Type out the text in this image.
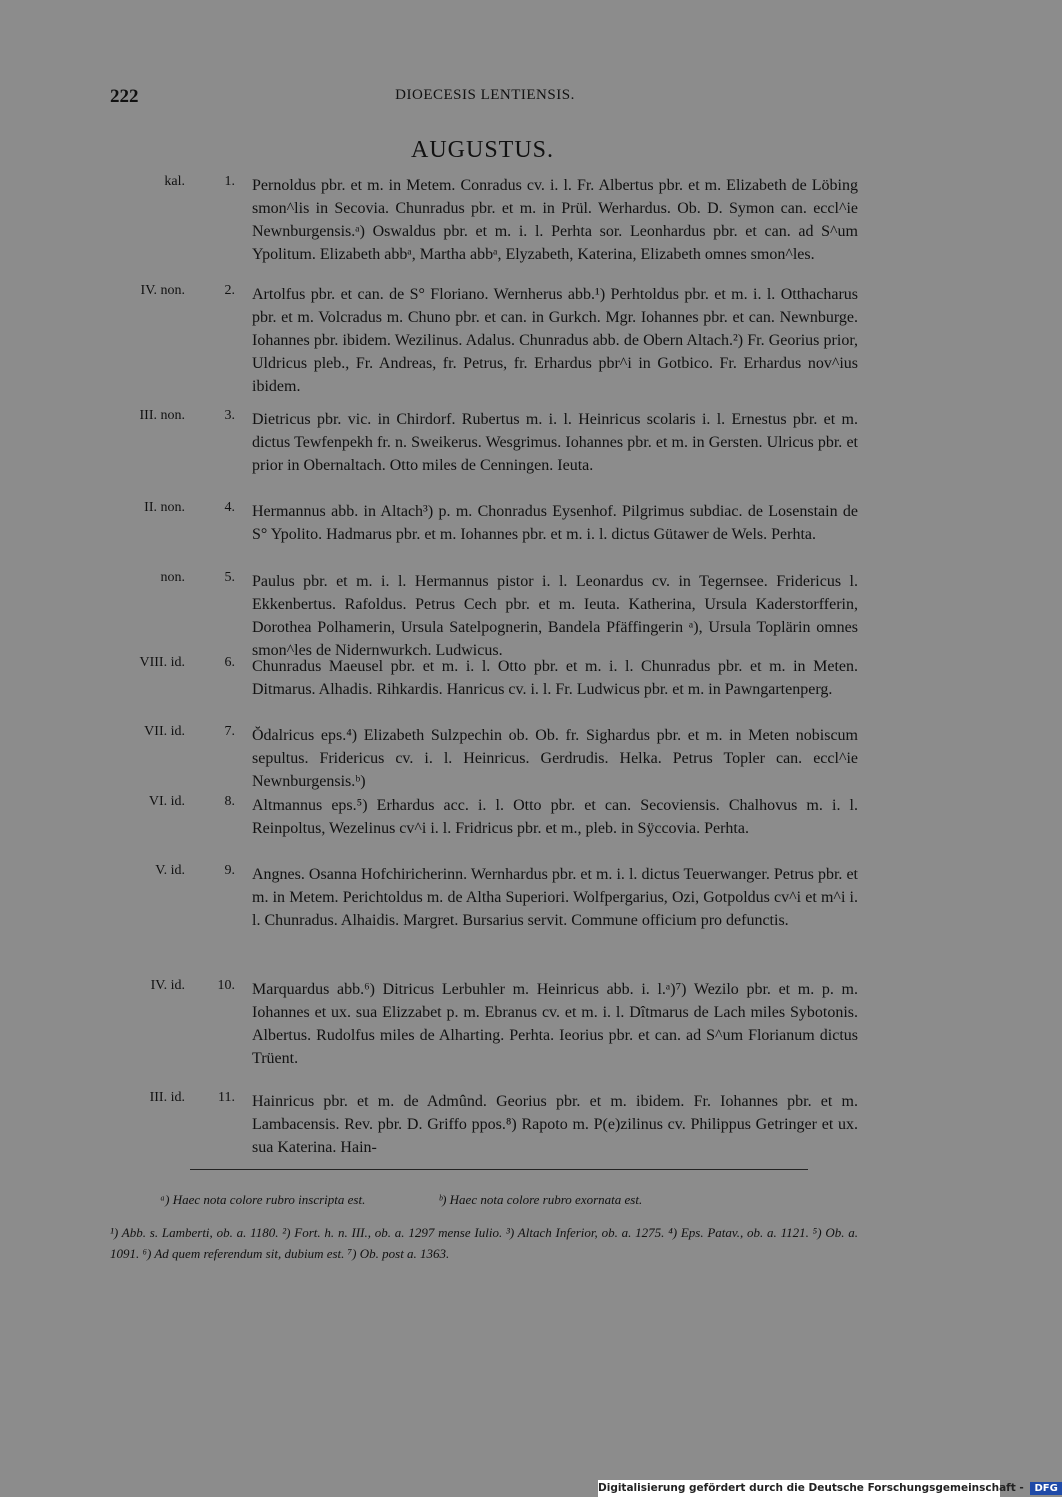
222	DIOECESIS LENTIENSIS.
AUGUSTUS.
kal.	1. Pernoldus pbr. et m. in Metem. Conradus cv. i. l. Fr. Albertus pbr. et m. Elizabeth de Löbing smon^lis in Secovia. Chunradus pbr. et m. in Prül. Werhardus. Ob. D. Symon can. eccl^ie Newnburgensis.ᵃ) Oswaldus pbr. et m. i. l. Perhta sor. Leonhardus pbr. et can. ad S^um Ypolitum. Elizabeth abbᵃ, Martha abbᵃ, Elyzabeth, Katerina, Elizabeth omnes smon^les.
IV. non.	2. Artolfus pbr. et can. de S° Floriano. Wernherus abb.¹) Perhtoldus pbr. et m. i. l. Otthacharus pbr. et m. Volcradus m. Chuno pbr. et can. in Gurkch. Mgr. Iohannes pbr. et can. Newnburge. Iohannes pbr. ibidem. Wezilinus. Adalus. Chunradus abb. de Obern Altach.²) Fr. Georius prior, Uldricus pleb., Fr. Andreas, fr. Petrus, fr. Erhardus pbr^i in Gotbico. Fr. Erhardus nov^ius ibidem.
III. non.	3. Dietricus pbr. vic. in Chirdorf. Rubertus m. i. l. Heinricus scolaris i. l. Ernestus pbr. et m. dictus Tewfenpekh fr. n. Sweikerus. Wesgrimus. Iohannes pbr. et m. in Gersten. Ulricus pbr. et prior in Obernaltach. Otto miles de Cenningen. Ieuta.
II. non.	4. Hermannus abb. in Altach³) p. m. Chonradus Eysenhof. Pilgrimus subdiac. de Losenstain de S° Ypolito. Hadmarus pbr. et m. Iohannes pbr. et m. i. l. dictus Gütawer de Wels. Perhta.
non.	5. Paulus pbr. et m. i. l. Hermannus pistor i. l. Leonardus cv. in Tegernsee. Fridericus l. Ekkenbertus. Rafoldus. Petrus Cech pbr. et m. Ieuta. Katherina, Ursula Kaderstorfferin, Dorothea Polhamerin, Ursula Satelpognerin, Bandela Pfäffingerin ᵃ), Ursula Toplärin omnes smon^les de Nidernwurkch. Ludwicus.
VIII. id.	6. Chunradus Maeusel pbr. et m. i. l. Otto pbr. et m. i. l. Chunradus pbr. et m. in Meten. Ditmarus. Alhadis. Rihkardis. Hanricus cv. i. l. Fr. Ludwicus pbr. et m. in Pawngartenperg.
VII. id.	7. Ŏdalricus eps.⁴) Elizabeth Sulzpechin ob. Ob. fr. Sighardus pbr. et m. in Meten nobiscum sepultus. Fridericus cv. i. l. Heinricus. Gerdrudis. Helka. Petrus Topler can. eccl^ie Newnburgensis.ᵇ)
VI. id.	8. Altmannus eps.⁵) Erhardus acc. i. l. Otto pbr. et can. Secoviensis. Chalhovus m. i. l. Reinpoltus, Wezelinus cv^i i. l. Fridricus pbr. et m., pleb. in Sÿccovia. Perhta.
V. id.	9. Angnes. Osanna Hofchiricherinn. Wernhardus pbr. et m. i. l. dictus Teuerwanger. Petrus pbr. et m. in Metem. Perichtoldus m. de Altha Superiori. Wolfpergarius, Ozi, Gotpoldus cv^i et m^i i. l. Chunradus. Alhaidis. Margret. Bursarius servit. Commune officium pro defunctis.
IV. id. 10. Marquardus abb.⁶) Ditricus Lerbuhler m. Heinricus abb. i. l.ᵃ)⁷) Wezilo pbr. et m. p. m. Iohannes et ux. sua Elizzabet p. m. Ebranus cv. et m. i. l. Dîtmarus de Lach miles Sybotonis. Albertus. Rudolfus miles de Alharting. Perhta. Ieorius pbr. et can. ad S^um Florianum dictus Trüent.
III. id. 11. Hainricus pbr. et m. de Admûnd. Georius pbr. et m. ibidem. Fr. Iohannes pbr. et m. Lambacensis. Rev. pbr. D. Griffo ppos.⁸) Rapoto m. P(e)zilinus cv. Philippus Getringer et ux. sua Katerina. Hain-
ᵃ) Haec nota colore rubro inscripta est.	ᵇ) Haec nota colore rubro exornata est.
¹) Abb. s. Lamberti, ob. a. 1180. ²) Fort. h. n. III., ob. a. 1297 mense Iulio. ³) Altach Inferior, ob. a. 1275. ⁴) Eps. Patav., ob. a. 1121. ⁵) Ob. a. 1091. ⁶) Ad quem referendum sit, dubium est. ⁷) Ob. post a. 1363.
Digitalisierung gefördert durch die Deutsche Forschungsgemeinschaft - DFG
